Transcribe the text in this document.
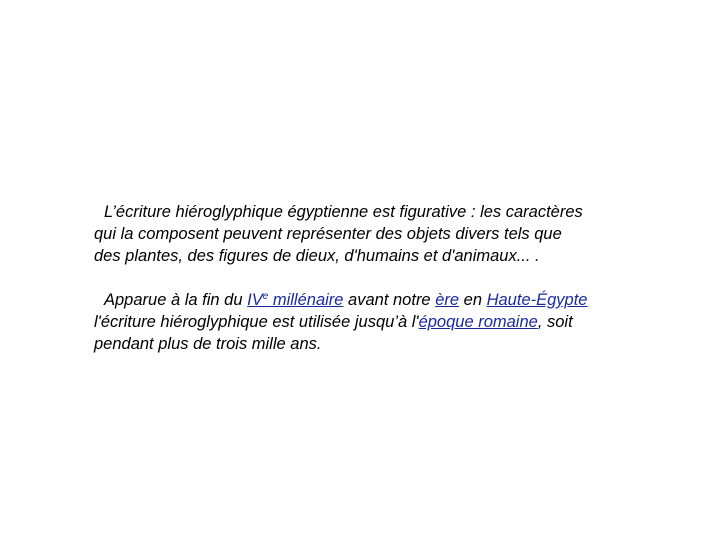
L’écriture hiéroglyphique égyptienne est figurative : les caractères
qui la composent peuvent représenter des objets divers tels que
des plantes, des figures de dieux, d'humains et d'animaux... .

Apparue à la fin du IVe millénaire avant notre ère en Haute-Égypte
l'écriture hiéroglyphique est utilisée jusqu’à l'époque romaine, soit
pendant plus de trois mille ans.
